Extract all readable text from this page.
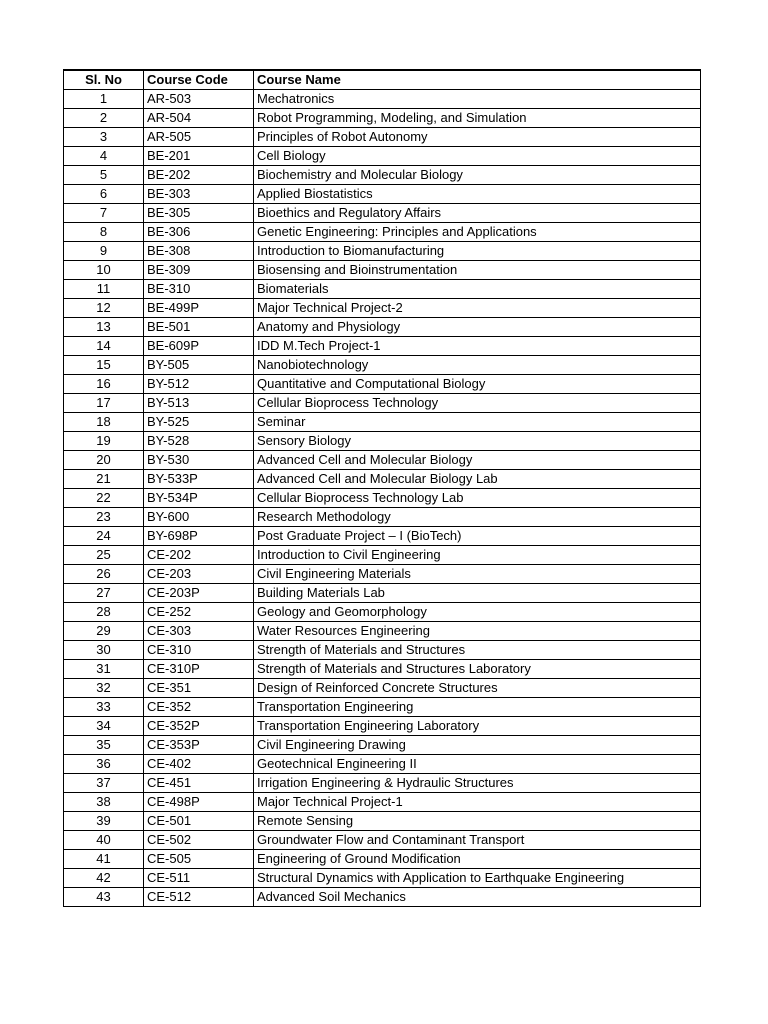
Sl. No	Course Code	Course Name
1	AR-503	Mechatronics
2	AR-504	Robot Programming, Modeling, and Simulation
3	AR-505	Principles of Robot Autonomy
4	BE-201	Cell Biology
5	BE-202	Biochemistry and Molecular Biology
6	BE-303	Applied Biostatistics
7	BE-305	Bioethics and Regulatory Affairs
8	BE-306	Genetic Engineering: Principles and Applications
9	BE-308	Introduction to Biomanufacturing
10	BE-309	Biosensing and Bioinstrumentation
11	BE-310	Biomaterials
12	BE-499P	Major Technical Project-2
13	BE-501	Anatomy and Physiology
14	BE-609P	IDD M.Tech Project-1
15	BY-505	Nanobiotechnology
16	BY-512	Quantitative and Computational Biology
17	BY-513	Cellular Bioprocess Technology
18	BY-525	Seminar
19	BY-528	Sensory Biology
20	BY-530	Advanced Cell and Molecular Biology
21	BY-533P	Advanced Cell and Molecular Biology Lab
22	BY-534P	Cellular Bioprocess Technology Lab
23	BY-600	Research Methodology
24	BY-698P	Post Graduate Project – I (BioTech)
25	CE-202	Introduction to Civil Engineering
26	CE-203	Civil Engineering Materials
27	CE-203P	Building Materials Lab
28	CE-252	Geology and Geomorphology
29	CE-303	Water Resources Engineering
30	CE-310	Strength of Materials and Structures
31	CE-310P	Strength of Materials and Structures Laboratory
32	CE-351	Design of Reinforced Concrete Structures
33	CE-352	Transportation Engineering
34	CE-352P	Transportation Engineering Laboratory
35	CE-353P	Civil Engineering Drawing
36	CE-402	Geotechnical Engineering II
37	CE-451	Irrigation Engineering & Hydraulic Structures
38	CE-498P	Major Technical Project-1
39	CE-501	Remote Sensing
40	CE-502	Groundwater Flow and Contaminant Transport
41	CE-505	Engineering of Ground Modification
42	CE-511	Structural Dynamics with Application to Earthquake Engineering
43	CE-512	Advanced Soil Mechanics
